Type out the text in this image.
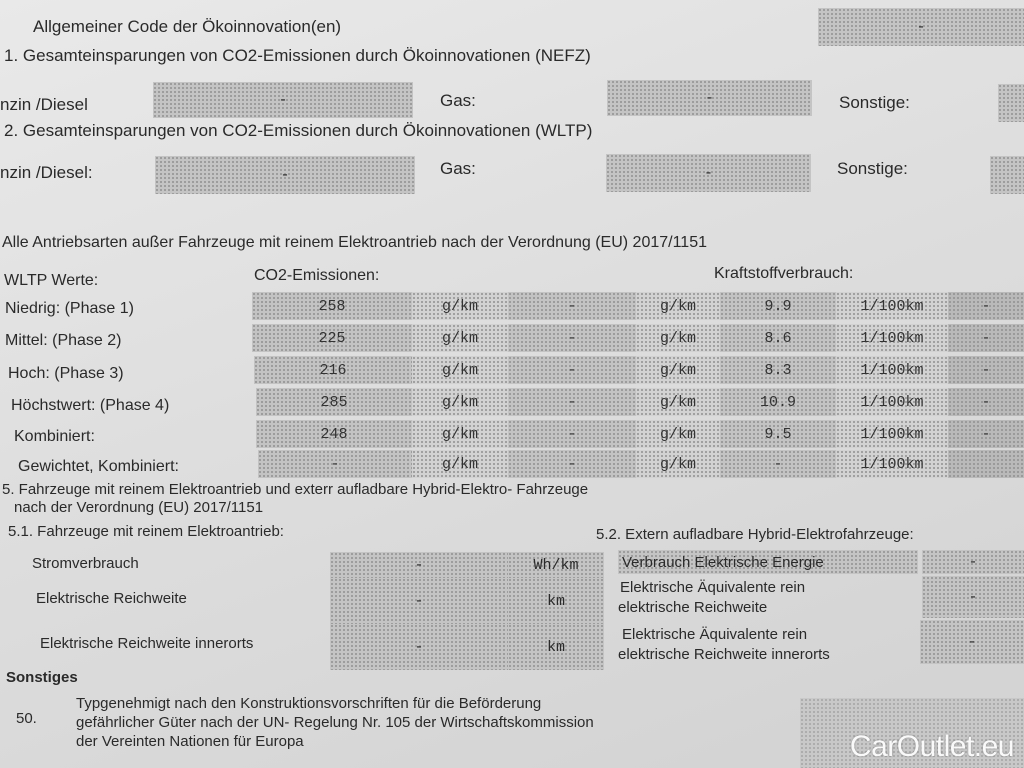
Allgemeiner Code der Ökoinnovation(en)	-
1. Gesamteinsparungen von CO2-Emissionen durch Ökoinnovationen (NEFZ)
nzin /Diesel	-	Gas:	-	Sonstige:
2. Gesamteinsparungen von CO2-Emissionen durch Ökoinnovationen (WLTP)
nzin /Diesel:	-	Gas:	-	Sonstige:
Alle Antriebsarten außer Fahrzeuge mit reinem Elektroantrieb nach der Verordnung (EU) 2017/1151
WLTP Werte:	CO2-Emissionen:	Kraftstoffverbrauch:
Niedrig: (Phase 1)	258	g/km	-	g/km	9.9	1/100km	-
Mittel: (Phase 2)	225	g/km	-	g/km	8.6	1/100km	-
Hoch: (Phase 3)	216	g/km	-	g/km	8.3	1/100km	-
Höchstwert: (Phase 4)	285	g/km	-	g/km	10.9	1/100km	-
Kombiniert:	248	g/km	-	g/km	9.5	1/100km	-
Gewichtet, Kombiniert:	-	g/km	-	g/km	-	1/100km
5. Fahrzeuge mit reinem Elektroantrieb und exterr aufladbare Hybrid-Elektro- Fahrzeuge
nach der Verordnung (EU) 2017/1151
5.1. Fahrzeuge mit reinem Elektroantrieb:
Stromverbrauch	-	Wh/km
Elektrische Reichweite	-	km
Elektrische Reichweite innerorts	-	km
5.2. Extern aufladbare Hybrid-Elektrofahrzeuge:
Verbrauch Elektrische Energie	-
Elektrische Äquivalente rein
elektrische Reichweite
-
Elektrische Äquivalente rein
elektrische Reichweite innerorts
-
Sonstiges
50.
Typgenehmigt nach den Konstruktionsvorschriften für die Beförderung
gefährlicher Güter nach der UN- Regelung Nr. 105 der Wirtschaftskommission
der Vereinten Nationen für Europa	CarOutlet.eu
